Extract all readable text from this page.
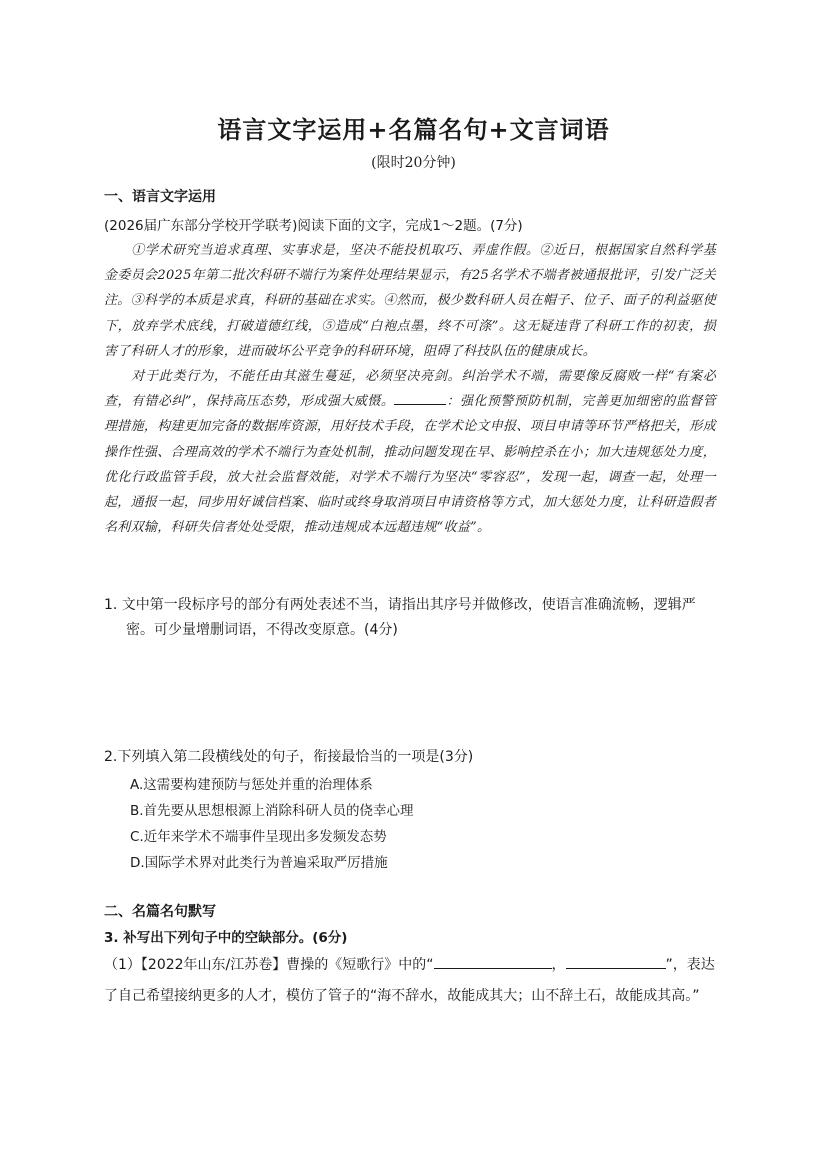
语言文字运用+名篇名句+文言词语
(限时20分钟)
一、语言文字运用
(2026届广东部分学校开学联考)阅读下面的文字，完成1～2题。(7分)

①学术研究当追求真理、实事求是，坚决不能投机取巧、弄虚作假。②近日，根据国家自然科学基金委员会2025年第二批次科研不端行为案件处理结果显示，有25名学术不端者被通报批评，引发广泛关注。③科学的本质是求真，科研的基础在求实。④然而，极少数科研人员在帽子、位子、面子的利益驱使下，放弃学术底线，打破道德红线，⑤造成“白袍点墨，终不可涤”。这无疑违背了科研工作的初衷，损害了科研人才的形象，进而破坏公平竞争的科研环境，阻碍了科技队伍的健康成长。

对于此类行为，不能任由其滋生蔓延，必须坚决亮剑。纠治学术不端，需要像反腐败一样“有案必查，有错必纠”，保持高压态势，形成强大威慑。	：强化预警预防机制，完善更加细密的监督管理措施，构建更加完备的数据库资源，用好技术手段，在学术论文申报、项目申请等环节严格把关，形成操作性强、合理高效的学术不端行为查处机制，推动问题发现在早、影响控杀在小；加大违规惩处力度，优化行政监管手段，放大社会监督效能，对学术不端行为坚决“零容忍”，发现一起，调查一起，处理一起，通报一起，同步用好诚信档案、临时或终身取消项目申请资格等方式，加大惩处力度，让科研造假者名利双输，科研失信者处处受限，推动违规成本远超违规“收益”。

1. 文中第一段标序号的部分有两处表述不当，请指出其序号并做修改，使语言准确流畅，逻辑严
密。可少量增删词语，不得改变原意。(4分)
2.下列填入第二段横线处的句子，衔接最恰当的一项是(3分)
A.这需要构建预防与惩处并重的治理体系
B.首先要从思想根源上消除科研人员的侥幸心理
C.近年来学术不端事件呈现出多发频发态势
D.国际学术界对此类行为普遍采取严厉措施
二、名篇名句默写
3. 补写出下列句子中的空缺部分。(6分)
（1）【2022年山东/江苏卷】曹操的《短歌行》中的“	，	”，表达了自己希望接纳更多的人才，模仿了管子的“海不辞水，故能成其大；山不辞土石，故能成其高。”
